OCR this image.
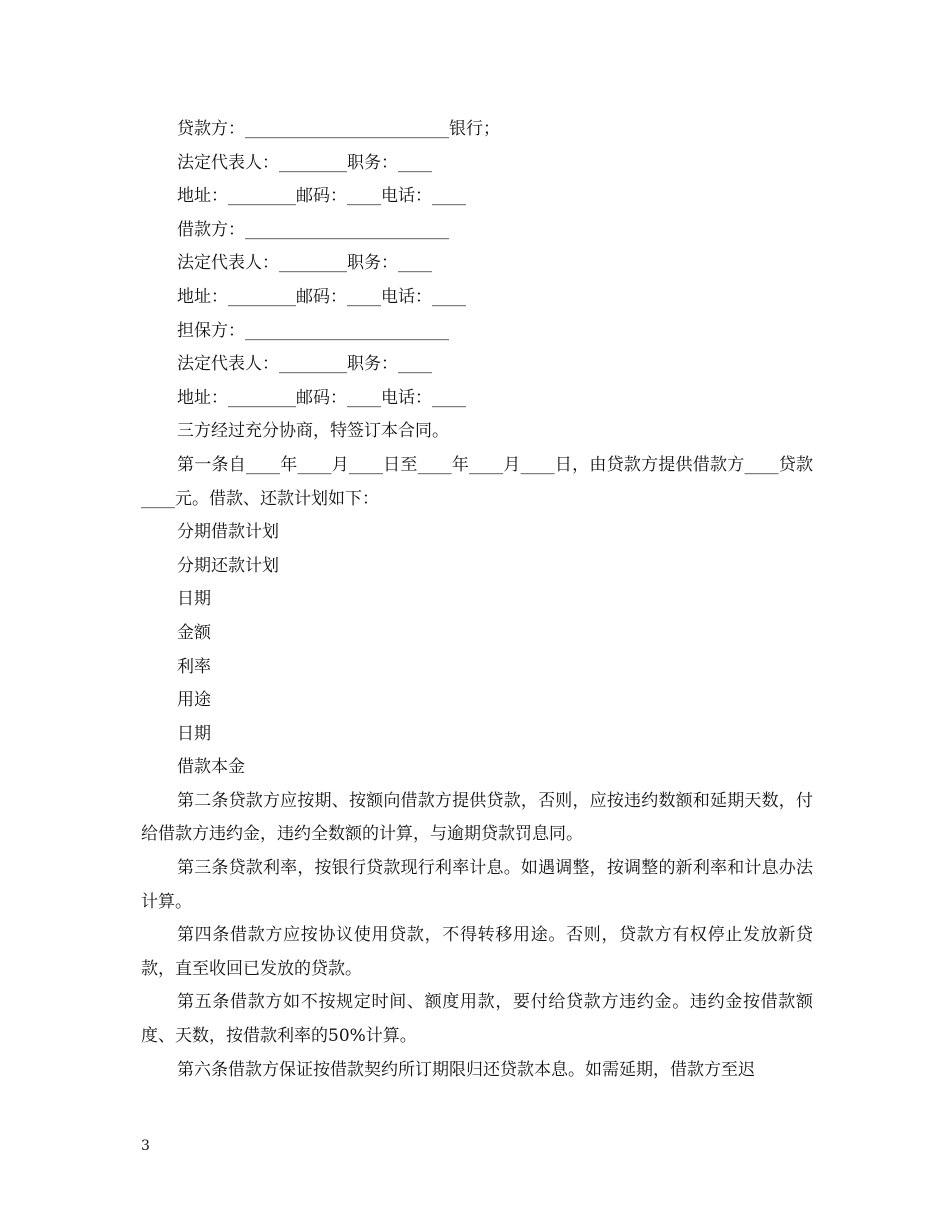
贷款方：________________________银行；
法定代表人：________职务：____
地址：________邮码：____电话：____
借款方：________________________
法定代表人：________职务：____
地址：________邮码：____电话：____
担保方：________________________
法定代表人：________职务：____
地址：________邮码：____电话：____
三方经过充分协商，特签订本合同。
第一条自____年____月____日至____年____月____日，由贷款方提供借款方____贷款____元。借款、还款计划如下：
分期借款计划
分期还款计划
日期
金额
利率
用途
日期
借款本金
第二条贷款方应按期、按额向借款方提供贷款，否则，应按违约数额和延期天数，付给借款方违约金，违约全数额的计算，与逾期贷款罚息同。
第三条贷款利率，按银行贷款现行利率计息。如遇调整，按调整的新利率和计息办法计算。
第四条借款方应按协议使用贷款，不得转移用途。否则，贷款方有权停止发放新贷款，直至收回已发放的贷款。
第五条借款方如不按规定时间、额度用款，要付给贷款方违约金。违约金按借款额度、天数，按借款利率的50%计算。
第六条借款方保证按借款契约所订期限归还贷款本息。如需延期，借款方至迟
3
